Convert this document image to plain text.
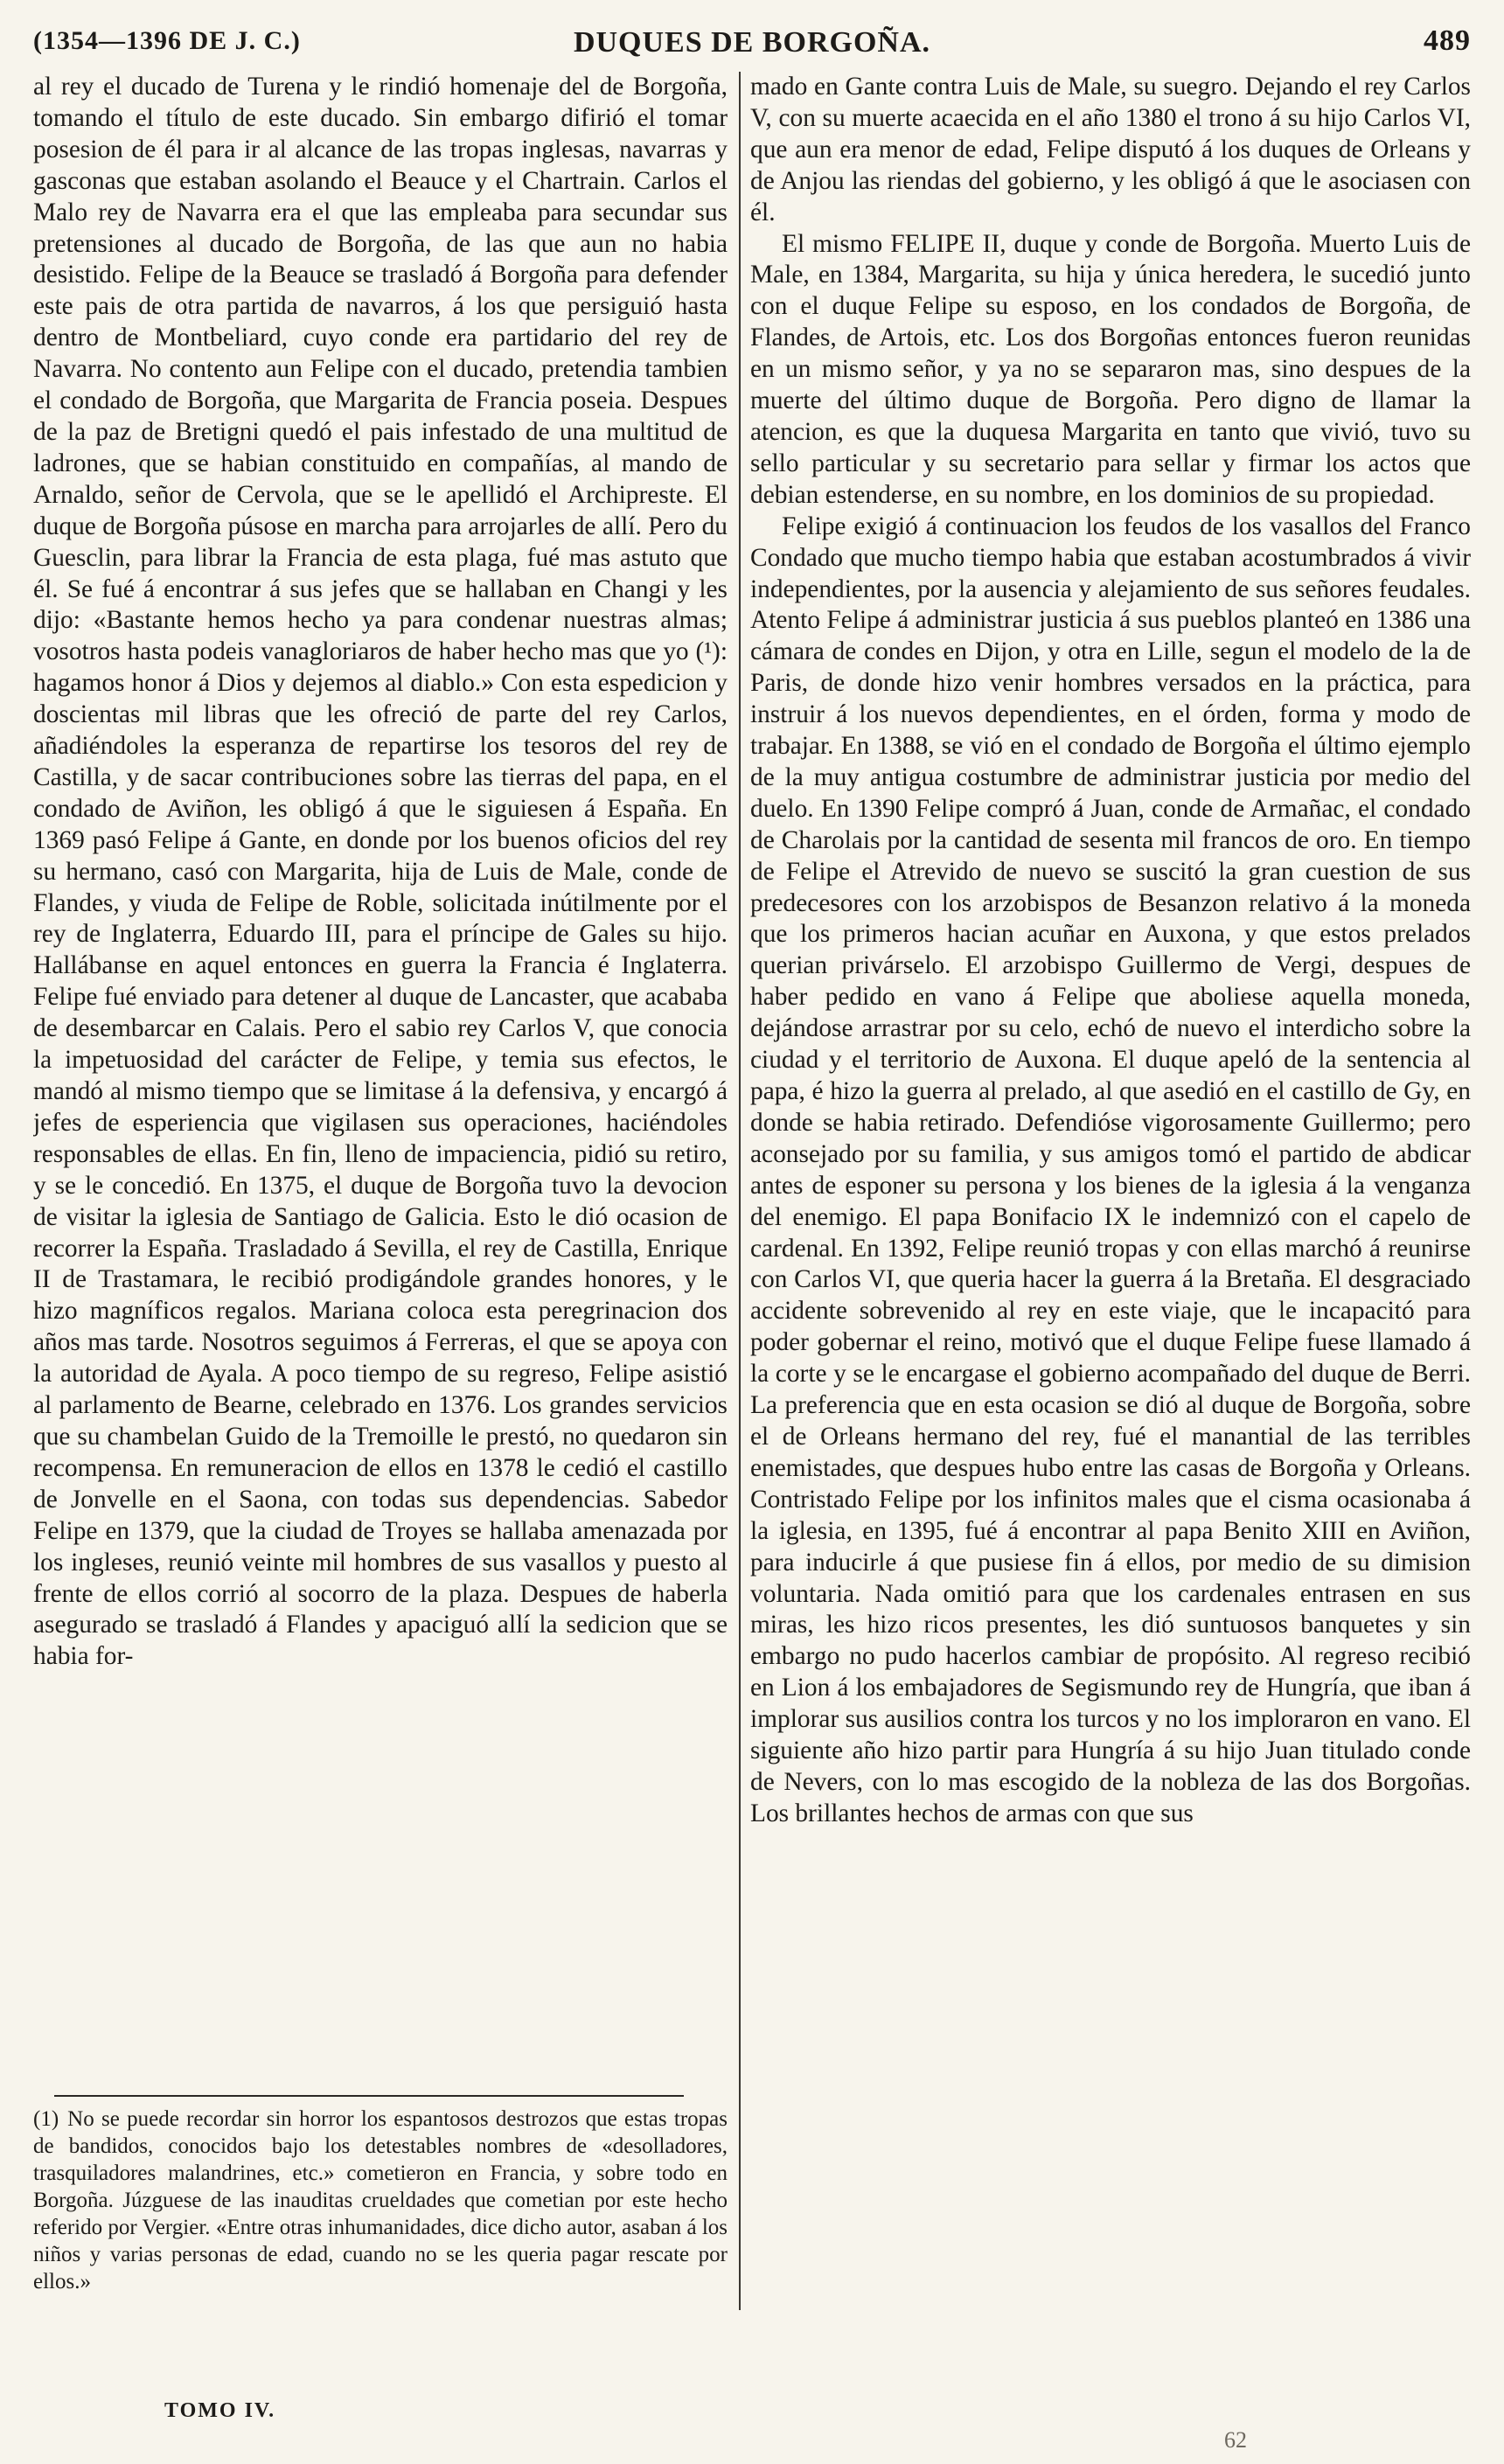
(1354—1396 DE J. C.)	DUQUES DE BORGOÑA.	489

al rey el ducado de Turena y le rindió homenaje del de Borgoña, tomando el título de este ducado. Sin embargo difirió el tomar posesion de él para ir al alcance de las tropas inglesas, navarras y gasconas que estaban asolando el Beauce y el Chartrain. Carlos el Malo rey de Navarra era el que las empleaba para secundar sus pretensiones al ducado de Borgoña, de las que aun no habia desistido. Felipe de la Beauce se trasladó á Borgoña para defender este pais de otra partida de navarros, á los que persiguió hasta dentro de Montbeliard, cuyo conde era partidario del rey de Navarra. No contento aun Felipe con el ducado, pretendia tambien el condado de Borgoña, que Margarita de Francia poseia. Despues de la paz de Bretigni quedó el pais infestado de una multitud de ladrones, que se habian constituido en compañías, al mando de Arnaldo, señor de Cervola, que se le apellidó el Archipreste. El duque de Borgoña púsose en marcha para arrojarles de allí. Pero du Guesclin, para librar la Francia de esta plaga, fué mas astuto que él. Se fué á encontrar á sus jefes que se hallaban en Changi y les dijo: «Bastante hemos hecho ya para condenar nuestras almas; vosotros hasta podeis vanagloriaros de haber hecho mas que yo (¹): hagamos honor á Dios y dejemos al diablo.» Con esta espedicion y doscientas mil libras que les ofreció de parte del rey Carlos, añadiéndoles la esperanza de repartirse los tesoros del rey de Castilla, y de sacar contribuciones sobre las tierras del papa, en el condado de Aviñon, les obligó á que le siguiesen á España. En 1369 pasó Felipe á Gante, en donde por los buenos oficios del rey su hermano, casó con Margarita, hija de Luis de Male, conde de Flandes, y viuda de Felipe de Roble, solicitada inútilmente por el rey de Inglaterra, Eduardo III, para el príncipe de Gales su hijo. Hallábanse en aquel entonces en guerra la Francia é Inglaterra. Felipe fué enviado para detener al duque de Lancaster, que acababa de desembarcar en Calais. Pero el sabio rey Carlos V, que conocia la impetuosidad del carácter de Felipe, y temia sus efectos, le mandó al mismo tiempo que se limitase á la defensiva, y encargó á jefes de esperiencia que vigilasen sus operaciones, haciéndoles responsables de ellas. En fin, lleno de impaciencia, pidió su retiro, y se le concedió. En 1375, el duque de Borgoña tuvo la devocion de visitar la iglesia de Santiago de Galicia. Esto le dió ocasion de recorrer la España. Trasladado á Sevilla, el rey de Castilla, Enrique II de Trastamara, le recibió prodigándole grandes honores, y le hizo magníficos regalos. Mariana coloca esta peregrinacion dos años mas tarde. Nosotros seguimos á Ferreras, el que se apoya con la autoridad de Ayala. A poco tiempo de su regreso, Felipe asistió al parlamento de Bearne, celebrado en 1376. Los grandes servicios que su chambelan Guido de la Tremoille le prestó, no quedaron sin recompensa. En remuneracion de ellos en 1378 le cedió el castillo de Jonvelle en el Saona, con todas sus dependencias. Sabedor Felipe en 1379, que la ciudad de Troyes se hallaba amenazada por los ingleses, reunió veinte mil hombres de sus vasallos y puesto al frente de ellos corrió al socorro de la plaza. Despues de haberla asegurado se trasladó á Flandes y apaciguó allí la sedicion que se habia for-

mado en Gante contra Luis de Male, su suegro. Dejando el rey Carlos V, con su muerte acaecida en el año 1380 el trono á su hijo Carlos VI, que aun era menor de edad, Felipe disputó á los duques de Orleans y de Anjou las riendas del gobierno, y les obligó á que le asociasen con él.

El mismo FELIPE II, duque y conde de Borgoña. Muerto Luis de Male, en 1384, Margarita, su hija y única heredera, le sucedió junto con el duque Felipe su esposo, en los condados de Borgoña, de Flandes, de Artois, etc. Los dos Borgoñas entonces fueron reunidas en un mismo señor, y ya no se separaron mas, sino despues de la muerte del último duque de Borgoña. Pero digno de llamar la atencion, es que la duquesa Margarita en tanto que vivió, tuvo su sello particular y su secretario para sellar y firmar los actos que debian estenderse, en su nombre, en los dominios de su propiedad.

Felipe exigió á continuacion los feudos de los vasallos del Franco Condado que mucho tiempo habia que estaban acostumbrados á vivir independientes, por la ausencia y alejamiento de sus señores feudales. Atento Felipe á administrar justicia á sus pueblos planteó en 1386 una cámara de condes en Dijon, y otra en Lille, segun el modelo de la de Paris, de donde hizo venir hombres versados en la práctica, para instruir á los nuevos dependientes, en el órden, forma y modo de trabajar. En 1388, se vió en el condado de Borgoña el último ejemplo de la muy antigua costumbre de administrar justicia por medio del duelo. En 1390 Felipe compró á Juan, conde de Armañac, el condado de Charolais por la cantidad de sesenta mil francos de oro. En tiempo de Felipe el Atrevido de nuevo se suscitó la gran cuestion de sus predecesores con los arzobispos de Besanzon relativo á la moneda que los primeros hacian acuñar en Auxona, y que estos prelados querian privárselo. El arzobispo Guillermo de Vergi, despues de haber pedido en vano á Felipe que aboliese aquella moneda, dejándose arrastrar por su celo, echó de nuevo el interdicho sobre la ciudad y el territorio de Auxona. El duque apeló de la sentencia al papa, é hizo la guerra al prelado, al que asedió en el castillo de Gy, en donde se habia retirado. Defendióse vigorosamente Guillermo; pero aconsejado por su familia, y sus amigos tomó el partido de abdicar antes de esponer su persona y los bienes de la iglesia á la venganza del enemigo. El papa Bonifacio IX le indemnizó con el capelo de cardenal. En 1392, Felipe reunió tropas y con ellas marchó á reunirse con Carlos VI, que queria hacer la guerra á la Bretaña. El desgraciado accidente sobrevenido al rey en este viaje, que le incapacitó para poder gobernar el reino, motivó que el duque Felipe fuese llamado á la corte y se le encargase el gobierno acompañado del duque de Berri. La preferencia que en esta ocasion se dió al duque de Borgoña, sobre el de Orleans hermano del rey, fué el manantial de las terribles enemistades, que despues hubo entre las casas de Borgoña y Orleans. Contristado Felipe por los infinitos males que el cisma ocasionaba á la iglesia, en 1395, fué á encontrar al papa Benito XIII en Aviñon, para inducirle á que pusiese fin á ellos, por medio de su dimision voluntaria. Nada omitió para que los cardenales entrasen en sus miras, les hizo ricos presentes, les dió suntuosos banquetes y sin embargo no pudo hacerlos cambiar de propósito. Al regreso recibió en Lion á los embajadores de Segismundo rey de Hungría, que iban á implorar sus ausilios contra los turcos y no los imploraron en vano. El siguiente año hizo partir para Hungría á su hijo Juan titulado conde de Nevers, con lo mas escogido de la nobleza de las dos Borgoñas. Los brillantes hechos de armas con que sus

(1) No se puede recordar sin horror los espantosos destrozos que estas tropas de bandidos, conocidos bajo los detestables nombres de «desolladores, trasquiladores malandrines, etc.» cometieron en Francia, y sobre todo en Borgoña. Júzguese de las inauditas crueldades que cometian por este hecho referido por Vergier. «Entre otras inhumanidades, dice dicho autor, asaban á los niños y varias personas de edad, cuando no se les queria pagar rescate por ellos.»
TOMO IV.
62
